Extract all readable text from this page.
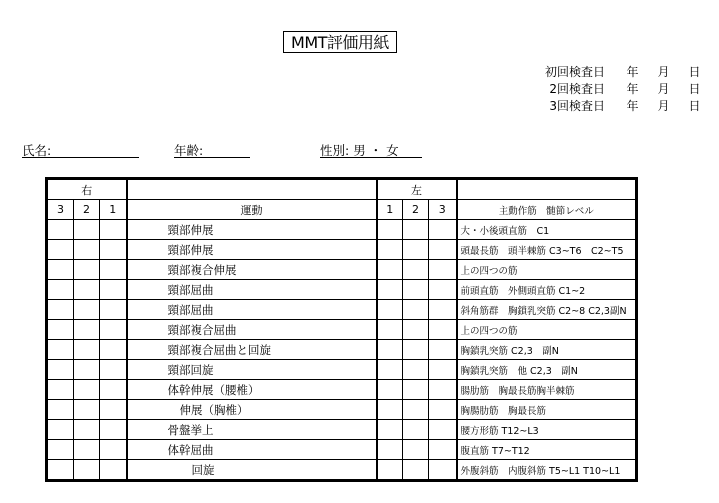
MMT評価用紙
初回検査日 年 月 日
2回検査日 年 月 日
3回検査日 年 月 日
氏名:	年齢:	性別: 男 ・ 女
右				左			
3	2	1	運動	1	2	3	主動作筋　髄節レベル
			頸部伸展				大・小後頭直筋　C1
			頸部伸展				頭最長筋　頭半棘筋 C3~T6　C2~T5
			頸部複合伸展				上の四つの筋
			頸部屈曲				前頭直筋　外側頭直筋 C1~2
			頸部屈曲				斜角筋群　胸鎖乳突筋 C2~8 C2,3副N
			頸部複合屈曲				上の四つの筋
			頸部複合屈曲と回旋				胸鎖乳突筋 C2,3　副N
			頸部回旋				胸鎖乳突筋　他 C2,3　副N
			体幹伸展（腰椎）				腸肋筋　胸最長筋胸半棘筋
			伸展（胸椎）				胸腸肋筋　胸最長筋
			骨盤挙上				腰方形筋 T12~L3
			体幹屈曲				腹直筋 T7~T12
			回旋				外腹斜筋　内腹斜筋 T5~L1 T10~L1
